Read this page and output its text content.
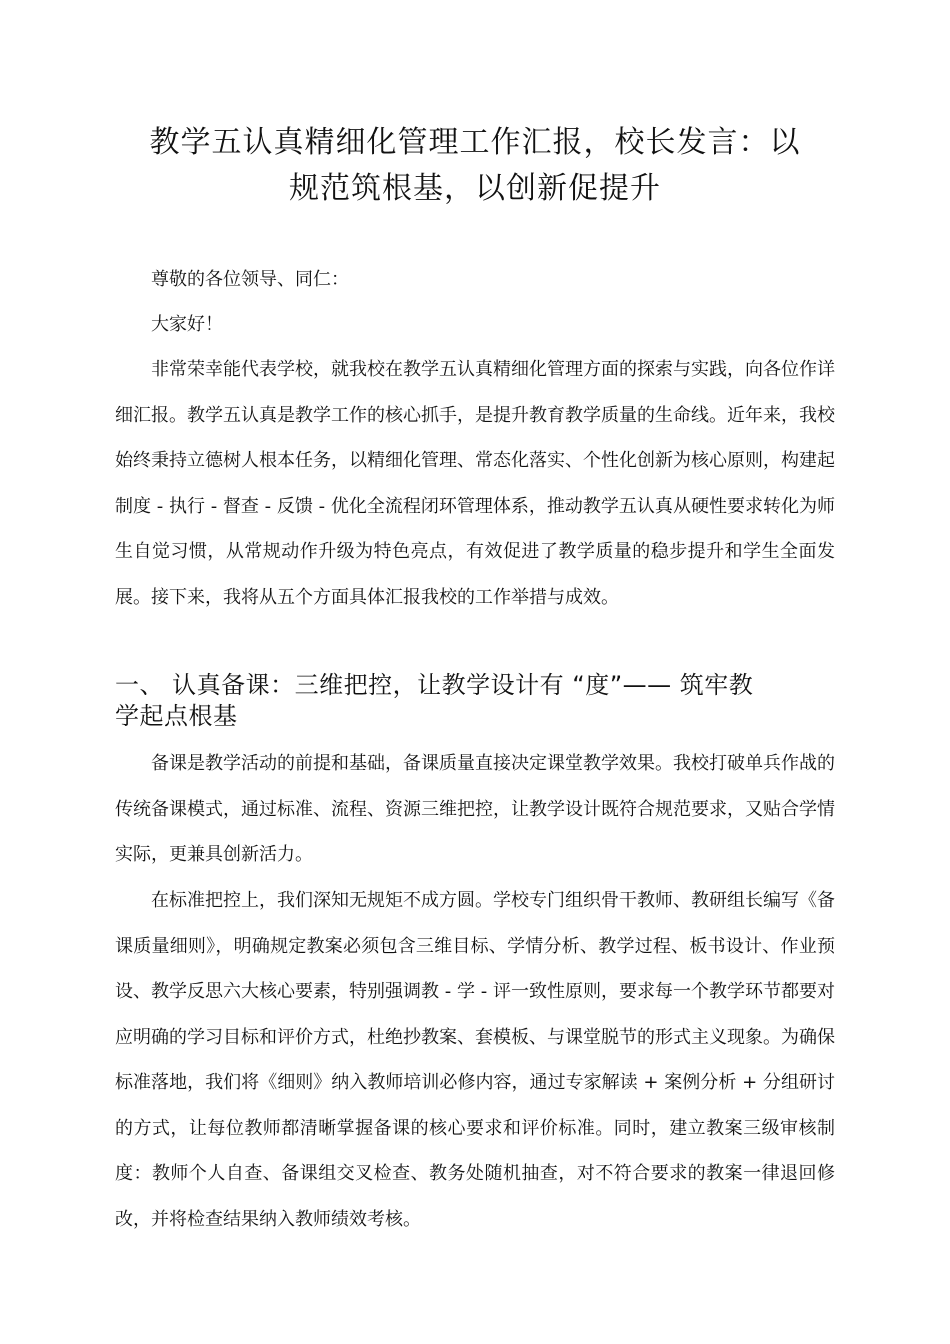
教学五认真精细化管理工作汇报，校长发言：以
规范筑根基，以创新促提升

尊敬的各位领导、同仁：

大家好！

非常荣幸能代表学校，就我校在教学五认真精细化管理方面的探索与实践，向各位作详细汇报。教学五认真是教学工作的核心抓手，是提升教育教学质量的生命线。近年来，我校始终秉持立德树人根本任务，以精细化管理、常态化落实、个性化创新为核心原则，构建起制度 - 执行 - 督查 - 反馈 - 优化全流程闭环管理体系，推动教学五认真从硬性要求转化为师生自觉习惯，从常规动作升级为特色亮点，有效促进了教学质量的稳步提升和学生全面发展。接下来，我将从五个方面具体汇报我校的工作举措与成效。

一、 认真备课：三维把控，让教学设计有 “度”—— 筑牢教
学起点根基

备课是教学活动的前提和基础，备课质量直接决定课堂教学效果。我校打破单兵作战的传统备课模式，通过标准、流程、资源三维把控，让教学设计既符合规范要求，又贴合学情实际，更兼具创新活力。

在标准把控上，我们深知无规矩不成方圆。学校专门组织骨干教师、教研组长编写《备课质量细则》，明确规定教案必须包含三维目标、学情分析、教学过程、板书设计、作业预设、教学反思六大核心要素，特别强调教 - 学 - 评一致性原则，要求每一个教学环节都要对应明确的学习目标和评价方式，杜绝抄教案、套模板、与课堂脱节的形式主义现象。为确保标准落地，我们将《细则》纳入教师培训必修内容，通过专家解读 + 案例分析 + 分组研讨的方式，让每位教师都清晰掌握备课的核心要求和评价标准。同时，建立教案三级审核制度：教师个人自查、备课组交叉检查、教务处随机抽查，对不符合要求的教案一律退回修改，并将检查结果纳入教师绩效考核。
